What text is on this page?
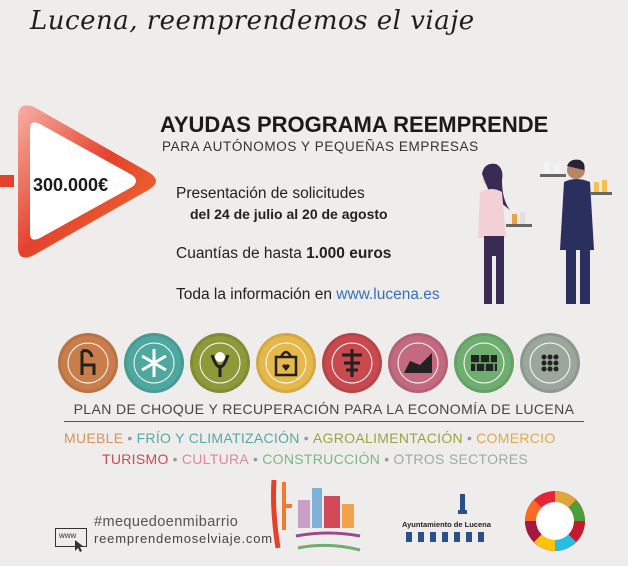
Lucena, reemprendemos el viaje
300.000€
AYUDAS PROGRAMA REEMPRENDE
PARA AUTÓNOMOS Y PEQUEÑAS EMPRESAS
Presentación de solicitudes
del 24 de julio al 20 de agosto
Cuantías de hasta 1.000 euros
Toda la información en www.lucena.es
PLAN DE CHOQUE Y RECUPERACIÓN PARA LA ECONOMÍA DE LUCENA
MUEBLE • FRÍO Y CLIMATIZACIÓN • AGROALIMENTACIÓN • COMERCIO
TURISMO • CULTURA • CONSTRUCCIÓN • OTROS SECTORES
#mequedoenmibarrio
www reemprendemoselviaje.com
Ayuntamiento de Lucena
